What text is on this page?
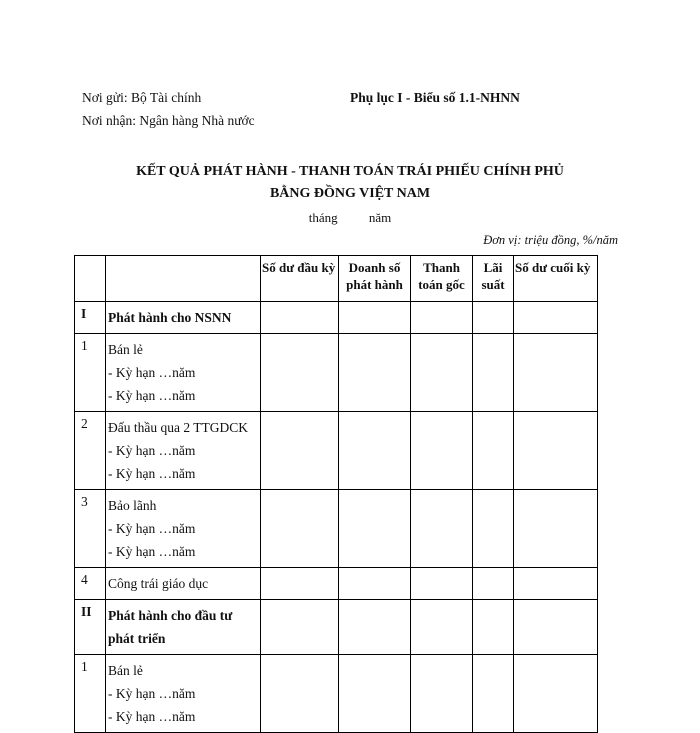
Nơi gửi: Bộ Tài chính
Nơi nhận: Ngân hàng Nhà nước
Phụ lục I - Biểu số 1.1-NHNN
KẾT QUẢ PHÁT HÀNH - THANH TOÁN TRÁI PHIẾU CHÍNH PHỦ
BẰNG ĐỒNG VIỆT NAM
tháng năm
Đơn vị: triệu đồng, %/năm
		Số dư đầu kỳ	Doanh số phát hành	Thanh toán gốc	Lãi suất	Số dư cuối kỳ
I	Phát hành cho NSNN					

1	Bán lẻ
- Kỳ hạn …năm
- Kỳ hạn …năm					

2	Đấu thầu qua 2 TTGDCK
- Kỳ hạn …năm
- Kỳ hạn …năm					

3	Bảo lãnh
- Kỳ hạn …năm
- Kỳ hạn …năm					

4	Công trái giáo dục					

II	Phát hành cho đầu tư phát triển					

1	Bán lẻ
- Kỳ hạn …năm
- Kỳ hạn …năm					
